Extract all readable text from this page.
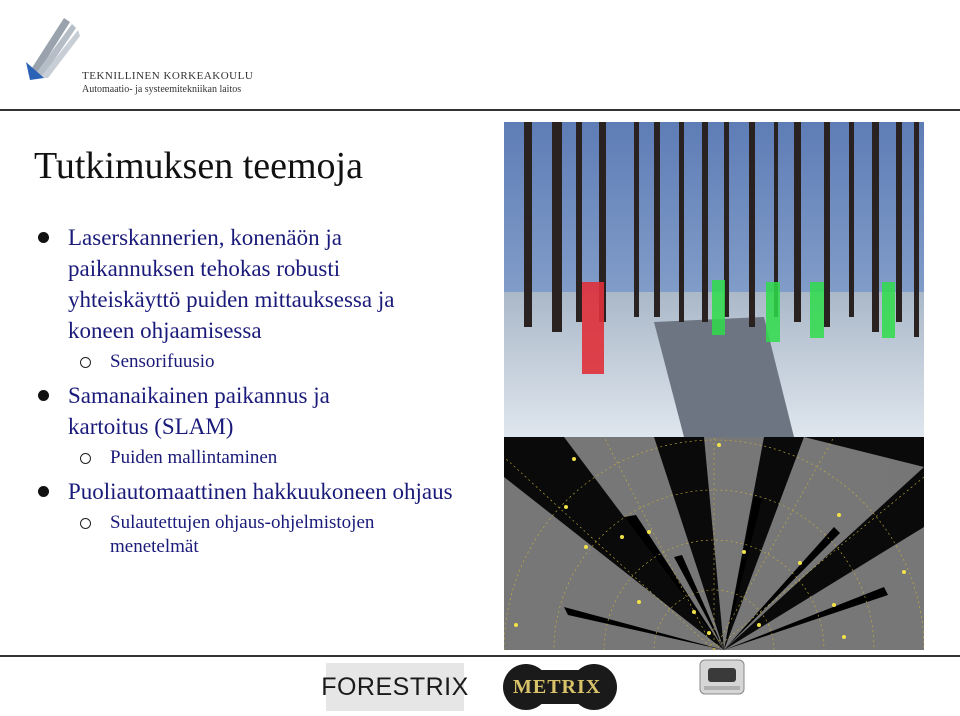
TEKNILLINEN KORKEAKOULU
Automaatio- ja systeemitekniikan laitos
Tutkimuksen teemoja
Laserskannerien, konenäön ja paikannuksen tehokas robusti yhteiskäyttö puiden mittauksessa ja koneen ohjaamisessa
Sensorifuusio
Samanaikainen paikannus ja kartoitus (SLAM)
Puiden mallintaminen
Puoliautomaattinen hakkuukoneen ohjaus
Sulautettujen ohjaus-ohjelmistojen menetelmät
FORESTRIX METRIX
